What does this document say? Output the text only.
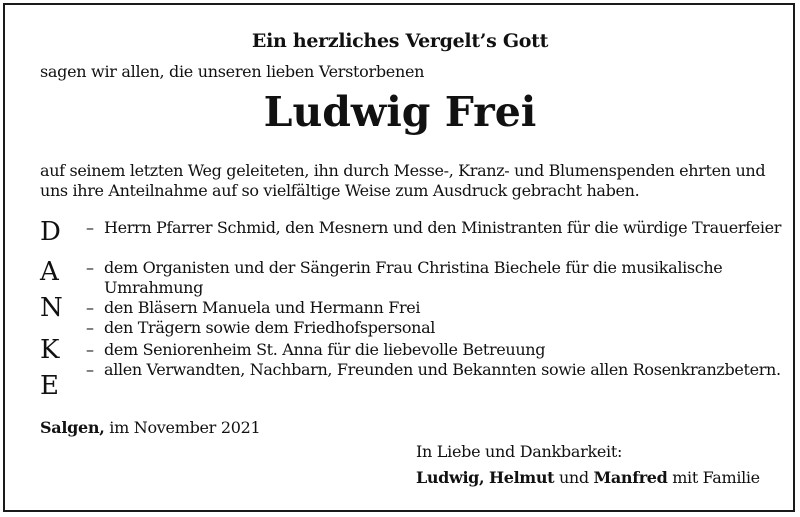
Ein herzliches Vergelt’s Gott
sagen wir allen, die unseren lieben Verstorbenen
Ludwig Frei
auf seinem letzten Weg geleiteten, ihn durch Messe-, Kranz- und Blumenspenden ehrten und uns ihre Anteilnahme auf so vielfältige Weise zum Ausdruck gebracht haben.
D
A
N
K
E
– Herrn Pfarrer Schmid, den Mesnern und den Ministranten für die würdige Trauerfeier
– dem Organisten und der Sängerin Frau Christina Biechele für die musikalische Umrahmung
– den Bläsern Manuela und Hermann Frei
– den Trägern sowie dem Friedhofspersonal
– dem Seniorenheim St. Anna für die liebevolle Betreuung
– allen Verwandten, Nachbarn, Freunden und Bekannten sowie allen Rosenkranzbetern.
Salgen, im November 2021
In Liebe und Dankbarkeit:
Ludwig, Helmut und Manfred mit Familie
